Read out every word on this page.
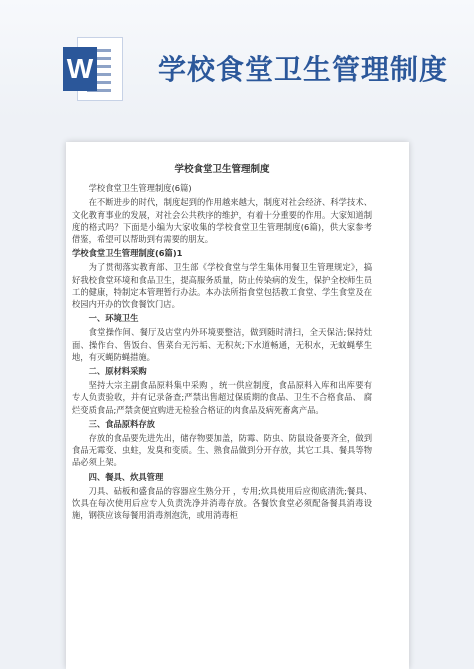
W 学校食堂卫生管理制度
学校食堂卫生管理制度

学校食堂卫生管理制度(6篇)

在不断进步的时代，制度起到的作用越来越大，制度对社会经济、科学技术、文化教育事业的发展，对社会公共秩序的维护，有着十分重要的作用。大家知道制度的格式吗？下面是小编为大家收集的学校食堂卫生管理制度(6篇)，供大家参考借鉴，希望可以帮助到有需要的朋友。

学校食堂卫生管理制度(6篇)1

为了贯彻落实教育部、卫生部《学校食堂与学生集体用餐卫生管理规定》，搞好我校食堂环境和食品卫生，提高服务质量，防止传染病的发生，保护全校师生员工的健康，特制定本管理暂行办法。本办法所指食堂包括教工食堂、学生食堂及在校园内开办的饮食餐饮门店。

一、环境卫生

食堂操作间、餐厅及店堂内外环境要整洁，做到随时清扫，全天保洁;保持灶面、操作台、售饭台、售菜台无污垢、无积灰;下水道畅通，无积水，无蚊蝇孳生地，有灭蝇防蝇措施。

二、原材料采购

坚持大宗主副食品原料集中采购 ，统一供应制度，食品原料入库和出库要有专人负责验收，并有记录备查;严禁出售超过保质期的食品、卫生不合格食品、 腐烂变质食品;严禁贪便宜购进无检验合格证的肉食品及病死畜禽产品。

三、食品原料存放

存放的食品要先进先出，储存物要加盖，防霉、防虫、防鼠设备要齐全，做到食品无霉变、虫蛀，发臭和变质。生、熟食品做到分开存放，其它工具、餐具等物品必须上架。

四、餐具、炊具管理

刀具、砧板和盛食品的容器应生熟分开 ，专用;炊具使用后应彻底清洗;餐具、饮具在每次使用后应专人负责洗净并消毒存放。各餐饮食堂必须配备餐具消毒设施，钢筷应该每餐用消毒剂泡洗，或用消毒柜
